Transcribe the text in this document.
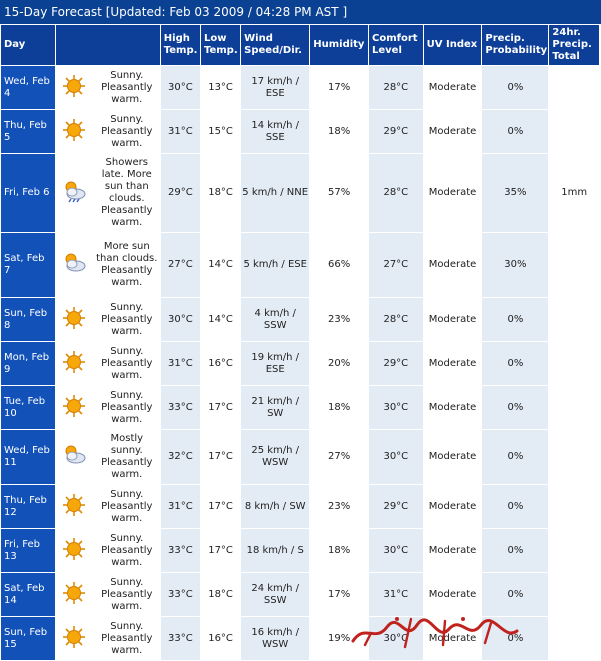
15-Day Forecast [Updated: Feb 03 2009 / 04:28 PM AST ]
Day			High Temp.	Low Temp.	Wind Speed/Dir.	Humidity	Comfort Level	UV Index	Precip. Probability	24hr. Precip. Total
Wed, Feb 4		Sunny. Pleasantly warm.	30°C	13°C	17 km/h / ESE	17%	28°C	Moderate	0%	
Thu, Feb 5		Sunny. Pleasantly warm.	31°C	15°C	14 km/h / SSE	18%	29°C	Moderate	0%	
Fri, Feb 6		Showers late. More sun than clouds. Pleasantly warm.	29°C	18°C	5 km/h / NNE	57%	28°C	Moderate	35%	1mm
Sat, Feb 7		More sun than clouds. Pleasantly warm.	27°C	14°C	5 km/h / ESE	66%	27°C	Moderate	30%	
Sun, Feb 8		Sunny. Pleasantly warm.	30°C	14°C	4 km/h / SSW	23%	28°C	Moderate	0%	
Mon, Feb 9		Sunny. Pleasantly warm.	31°C	16°C	19 km/h / ESE	20%	29°C	Moderate	0%	
Tue, Feb 10		Sunny. Pleasantly warm.	33°C	17°C	21 km/h / SW	18%	30°C	Moderate	0%	
Wed, Feb 11		Mostly sunny. Pleasantly warm.	32°C	17°C	25 km/h / WSW	27%	30°C	Moderate	0%	
Thu, Feb 12		Sunny. Pleasantly warm.	31°C	17°C	8 km/h / SW	23%	29°C	Moderate	0%	
Fri, Feb 13		Sunny. Pleasantly warm.	33°C	17°C	18 km/h / S	18%	30°C	Moderate	0%	
Sat, Feb 14		Sunny. Pleasantly warm.	33°C	18°C	24 km/h / SSW	17%	31°C	Moderate	0%	
Sun, Feb 15		Sunny. Pleasantly warm.	33°C	16°C	16 km/h / WSW	19%	30°C	Moderate	0%	
